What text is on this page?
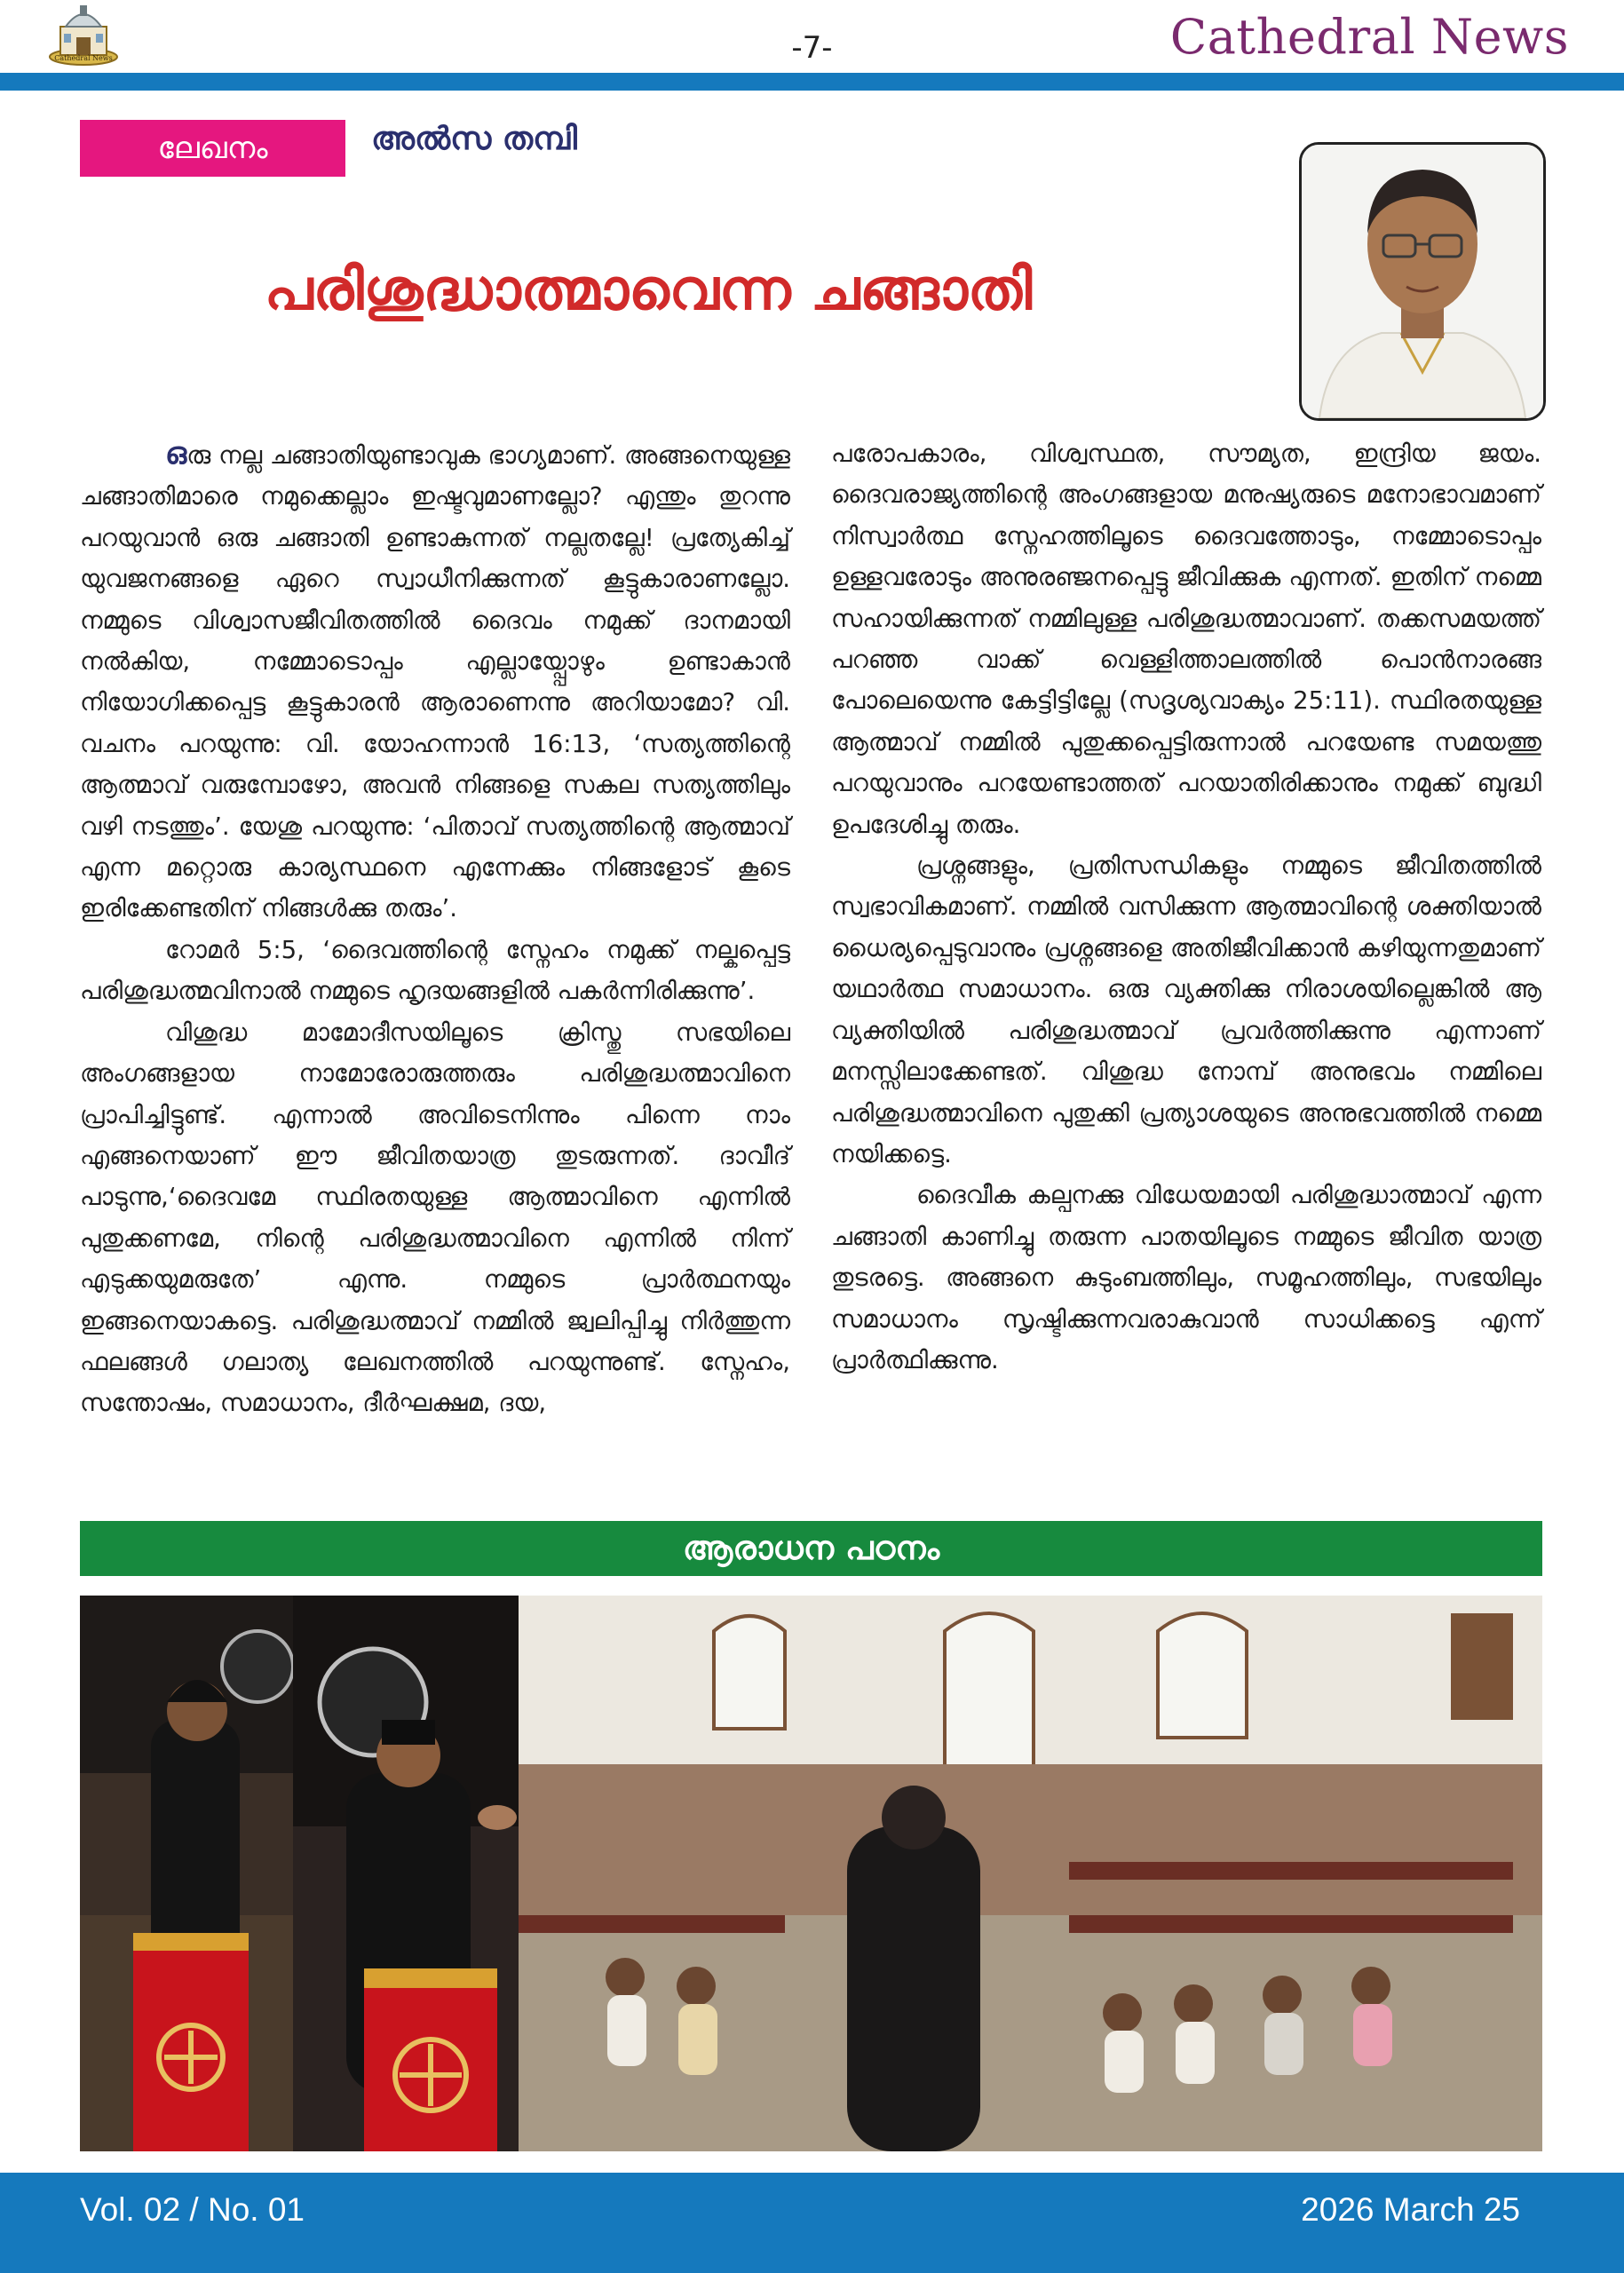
Cathedral News	-7-	Cathedral News
ലേഖനം	അൽസ തമ്പി
പരിശുദ്ധാത്മാവെന്ന ചങ്ങാതി

ഒരു നല്ല ചങ്ങാതിയുണ്ടാവുക ഭാഗ്യമാണ്. അങ്ങനെയുള്ള ചങ്ങാതിമാരെ നമുക്കെല്ലാം ഇഷ്ടവുമാണല്ലോ? എന്തും തുറന്നു പറയുവാൻ ഒരു ചങ്ങാതി ഉണ്ടാകുന്നത് നല്ലതല്ലേ! പ്രത്യേകിച്ച് യുവജനങ്ങളെ ഏറെ സ്വാധീനിക്കുന്നത് കൂട്ടുകാരാണല്ലോ. നമ്മുടെ വിശ്വാസജീവിതത്തിൽ ദൈവം നമുക്ക് ദാനമായി നൽകിയ, നമ്മോടൊപ്പം എല്ലായ്പ്പോഴും ഉണ്ടാകാൻ നിയോഗിക്കപ്പെട്ട കൂട്ടുകാരൻ ആരാണെന്നു അറിയാമോ? വി. വചനം പറയുന്നു: വി. യോഹന്നാൻ 16:13, ‘സത്യത്തിന്റെ ആത്മാവ് വരുമ്പോഴോ, അവൻ നിങ്ങളെ സകല സത്യത്തിലും വഴി നടത്തും’. യേശു പറയുന്നു: ‘പിതാവ് സത്യത്തിന്റെ ആത്മാവ് എന്ന മറ്റൊരു കാര്യസ്ഥനെ എന്നേക്കും നിങ്ങളോട് കൂടെ ഇരിക്കേണ്ടതിന് നിങ്ങൾക്കു തരും’.

റോമർ 5:5, ‘ദൈവത്തിന്റെ സ്നേഹം നമുക്ക് നല്കപ്പെട്ട പരിശുദ്ധത്മവിനാൽ നമ്മുടെ ഹൃദയങ്ങളിൽ പകർന്നിരിക്കുന്നു’.

വിശുദ്ധ മാമോദീസയിലൂടെ ക്രിസ്തു സഭയിലെ അംഗങ്ങളായ നാമോരോരുത്തരും പരിശുദ്ധത്മാവിനെ പ്രാപിച്ചിട്ടുണ്ട്. എന്നാൽ അവിടെനിന്നും പിന്നെ നാം എങ്ങനെയാണ് ഈ ജീവിതയാത്ര തുടരുന്നത്. ദാവീദ് പാടുന്നു,‘ദൈവമേ സ്ഥിരതയുള്ള ആത്മാവിനെ എന്നിൽ പുതുക്കണമേ, നിന്റെ പരിശുദ്ധത്മാവിനെ എന്നിൽ നിന്ന് എടുക്കയുമരുതേ’ എന്നു. നമ്മുടെ പ്രാർത്ഥനയും ഇങ്ങനെയാകട്ടെ. പരിശുദ്ധത്മാവ് നമ്മിൽ ജ്വലിപ്പിച്ചു നിർത്തുന്ന ഫലങ്ങൾ ഗലാത്യ ലേഖനത്തിൽ പറയുന്നുണ്ട്. സ്നേഹം, സന്തോഷം, സമാധാനം, ദീർഘക്ഷമ, ദയ,

പരോപകാരം, വിശ്വസ്ഥത, സൗമ്യത, ഇന്ദ്രിയ ജയം. ദൈവരാജ്യത്തിന്റെ അംഗങ്ങളായ മനുഷ്യരുടെ മനോഭാവമാണ് നിസ്വാർത്ഥ സ്നേഹത്തിലൂടെ ദൈവത്തോടും, നമ്മോടൊപ്പം ഉള്ളവരോടും അനുരഞ്ജനപ്പെട്ടു ജീവിക്കുക എന്നത്. ഇതിന് നമ്മെ സഹായിക്കുന്നത് നമ്മിലുള്ള പരിശുദ്ധത്മാവാണ്. തക്കസമയത്ത് പറഞ്ഞ വാക്ക് വെള്ളിത്താലത്തിൽ പൊൻനാരങ്ങ പോലെയെന്നു കേട്ടിട്ടില്ലേ (സദൃശ്യവാക്യം 25:11). സ്ഥിരതയുള്ള ആത്മാവ് നമ്മിൽ പുതുക്കപ്പെട്ടിരുന്നാൽ പറയേണ്ട സമയത്തു പറയുവാനും പറയേണ്ടാത്തത് പറയാതിരിക്കാനും നമുക്ക് ബുദ്ധി ഉപദേശിച്ചു തരും.

പ്രശ്നങ്ങളും, പ്രതിസന്ധികളും നമ്മുടെ ജീവിതത്തിൽ സ്വഭാവികമാണ്. നമ്മിൽ വസിക്കുന്ന ആത്മാവിന്റെ ശക്തിയാൽ ധൈര്യപ്പെടുവാനും പ്രശ്നങ്ങളെ അതിജീവിക്കാൻ കഴിയുന്നതുമാണ് യഥാർത്ഥ സമാധാനം. ഒരു വ്യക്തിക്കു നിരാശയില്ലെങ്കിൽ ആ വ്യക്തിയിൽ പരിശുദ്ധത്മാവ് പ്രവർത്തിക്കുന്നു എന്നാണ് മനസ്സിലാക്കേണ്ടത്. വിശുദ്ധ നോമ്പ് അനുഭവം നമ്മിലെ പരിശുദ്ധത്മാവിനെ പുതുക്കി പ്രത്യാശയുടെ അനുഭവത്തിൽ നമ്മെ നയിക്കട്ടെ.

ദൈവീക കല്പനക്കു വിധേയമായി പരിശുദ്ധാത്മാവ് എന്ന ചങ്ങാതി കാണിച്ചു തരുന്ന പാതയിലൂടെ നമ്മുടെ ജീവിത യാത്ര തുടരട്ടെ. അങ്ങനെ കുടുംബത്തിലും, സമൂഹത്തിലും, സഭയിലും സമാധാനം സൃഷ്ടിക്കുന്നവരാകുവാൻ സാധിക്കട്ടെ എന്ന് പ്രാർത്ഥിക്കുന്നു.

ആരാധന പഠനം
Vol. 02 / No. 01	2026 March 25
